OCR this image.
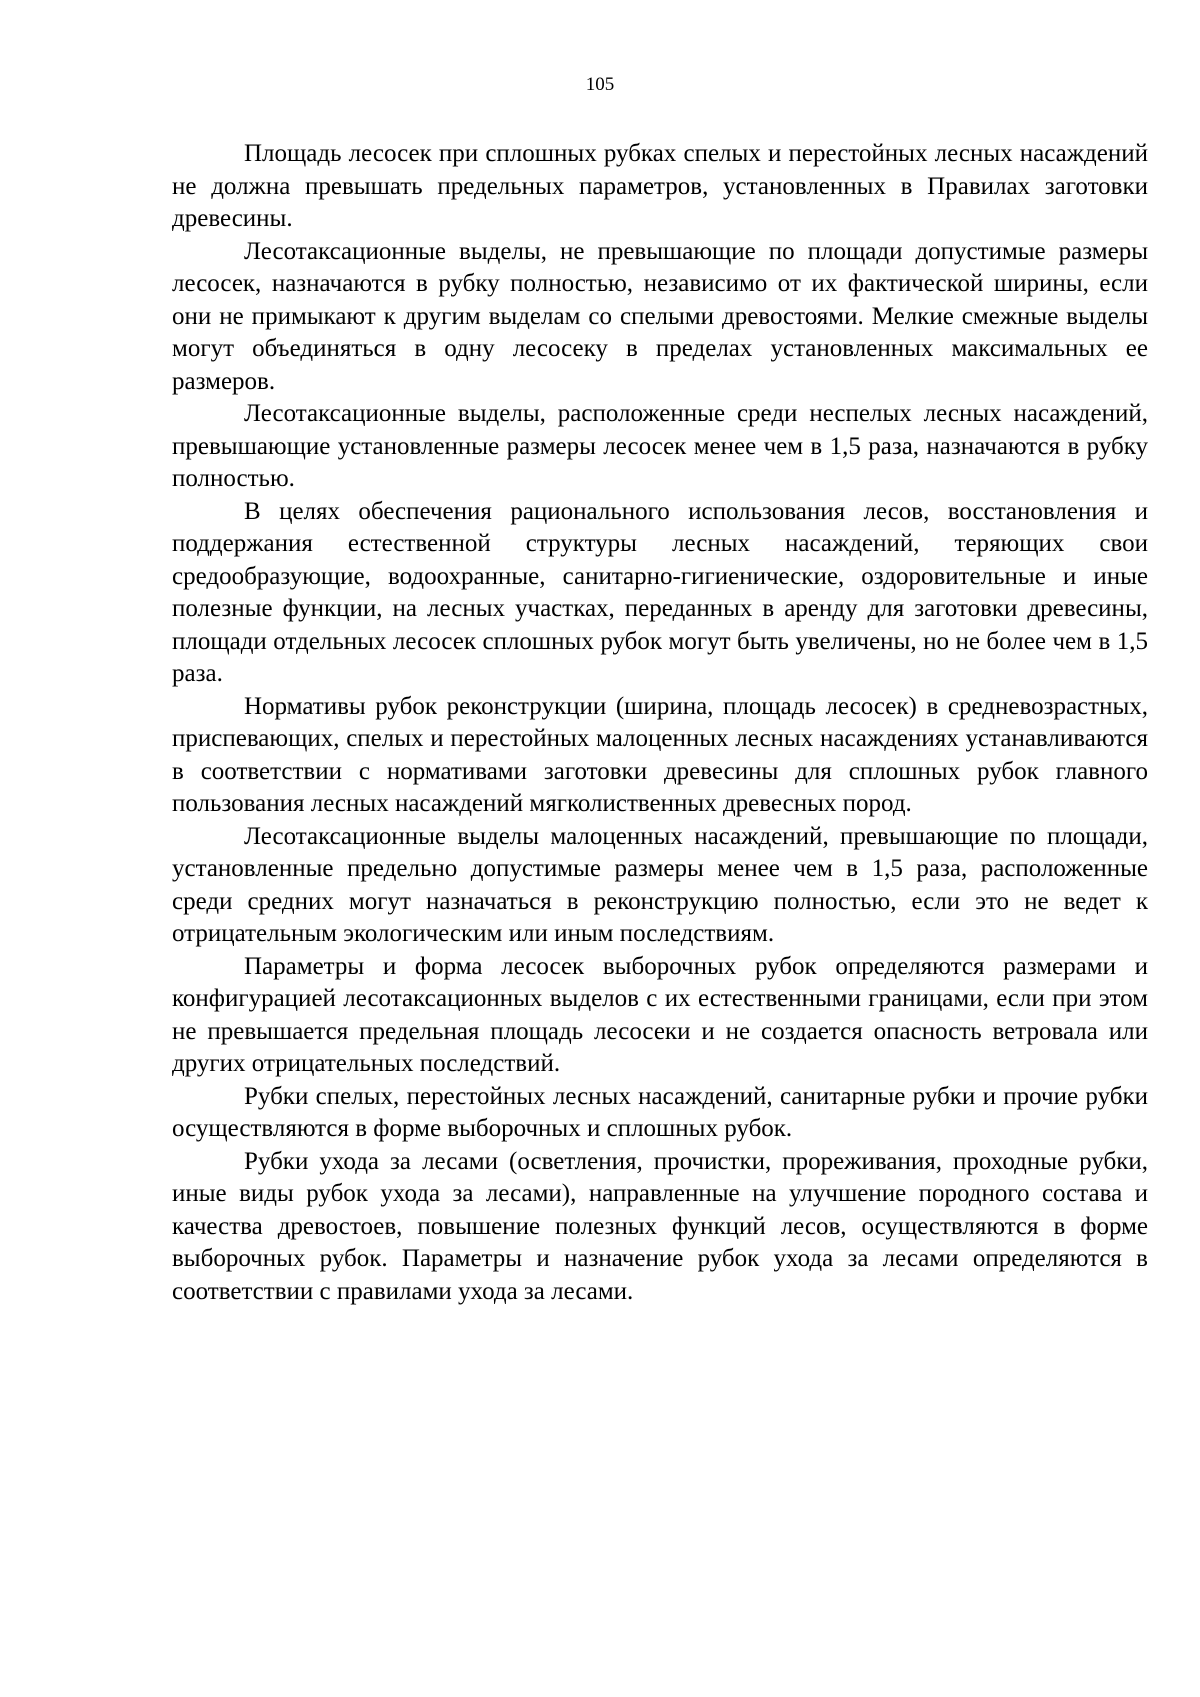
105

Площадь лесосек при сплошных рубках спелых и перестойных лесных насаждений не должна превышать предельных параметров, установленных в Правилах заготовки древесины.

Лесотаксационные выделы, не превышающие по площади допустимые размеры лесосек, назначаются в рубку полностью, независимо от их фактической ширины, если они не примыкают к другим выделам со спелыми древостоями. Мелкие смежные выделы могут объединяться в одну лесосеку в пределах установленных максимальных ее размеров.

Лесотаксационные выделы, расположенные среди неспелых лесных насаждений, превышающие установленные размеры лесосек менее чем в 1,5 раза, назначаются в рубку полностью.

В целях обеспечения рационального использования лесов, восстановления и поддержания естественной структуры лесных насаждений, теряющих свои средообразующие, водоохранные, санитарно-гигиенические, оздоровительные и иные полезные функции, на лесных участках, переданных в аренду для заготовки древесины, площади отдельных лесосек сплошных рубок могут быть увеличены, но не более чем в 1,5 раза.

Нормативы рубок реконструкции (ширина, площадь лесосек) в средневозрастных, приспевающих, спелых и перестойных малоценных лесных насаждениях устанавливаются в соответствии с нормативами заготовки древесины для сплошных рубок главного пользования лесных насаждений мягколиственных древесных пород.

Лесотаксационные выделы малоценных насаждений, превышающие по площади, установленные предельно допустимые размеры менее чем в 1,5 раза, расположенные среди средних могут назначаться в реконструкцию полностью, если это не ведет к отрицательным экологическим или иным последствиям.

Параметры и форма лесосек выборочных рубок определяются размерами и конфигурацией лесотаксационных выделов с их естественными границами, если при этом не превышается предельная площадь лесосеки и не создается опасность ветровала или других отрицательных последствий.

Рубки спелых, перестойных лесных насаждений, санитарные рубки и прочие рубки осуществляются в форме выборочных и сплошных рубок.

Рубки ухода за лесами (осветления, прочистки, прореживания, проходные рубки, иные виды рубок ухода за лесами), направленные на улучшение породного состава и качества древостоев, повышение полезных функций лесов, осуществляются в форме выборочных рубок. Параметры и назначение рубок ухода за лесами определяются в соответствии с правилами ухода за лесами.
